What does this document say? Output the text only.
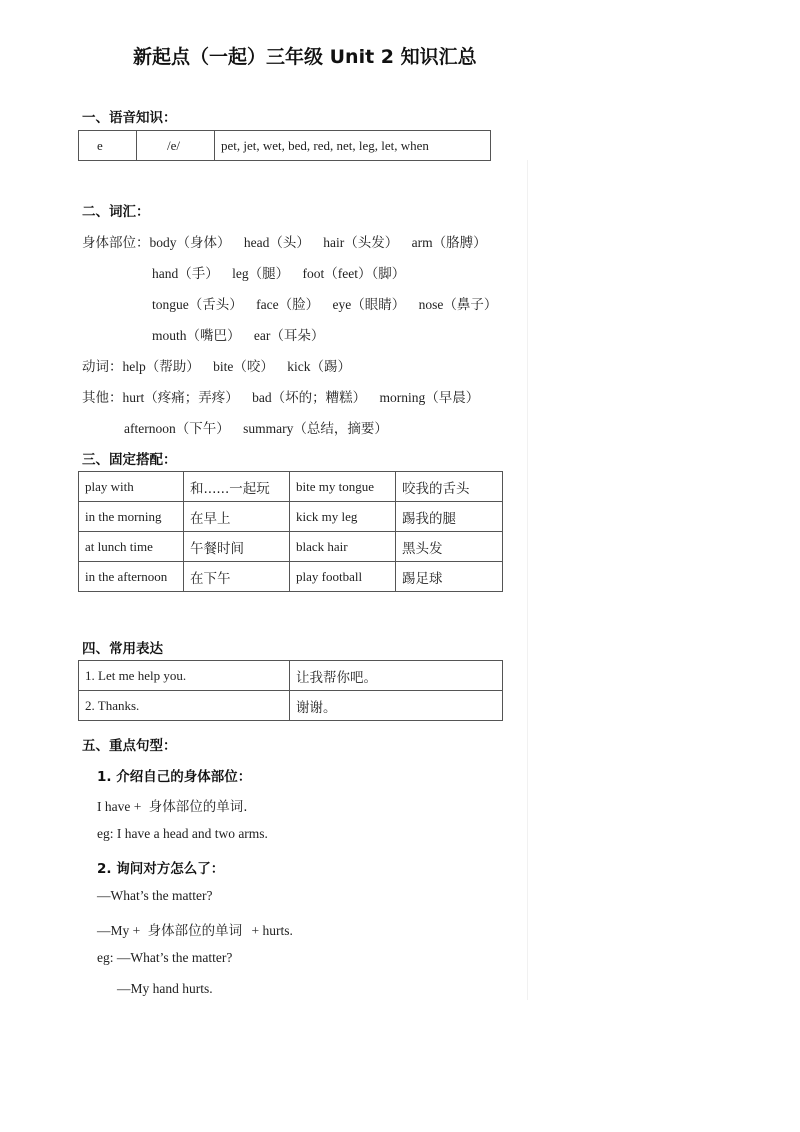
新起点（一起）三年级 Unit 2 知识汇总
一、语音知识：
e	/e/	pet, jet, wet, bed, red, net, leg, let, when
二、词汇：
身体部位：body（身体） head（头） hair（头发） arm（胳膊）
hand（手） leg（腿） foot（feet）（脚）
tongue（舌头） face（脸） eye（眼睛） nose（鼻子）
mouth（嘴巴） ear（耳朵）
动词：help（帮助） bite（咬） kick（踢）
其他：hurt（疼痛；弄疼） bad（坏的；糟糕） morning（早晨）
afternoon（下午） summary（总结，摘要）
三、固定搭配：
play with	和......一起玩	bite my tongue	咬我的舌头
in the morning	在早上	kick my leg	踢我的腿
at lunch time	午餐时间	black hair	黑头发
in the afternoon	在下午	play football	踢足球
四、常用表达
1. Let me help you.	让我帮你吧。
2. Thanks.	谢谢。
五、重点句型：
1. 介绍自己的身体部位：
I have + 身体部位的单词.
eg: I have a head and two arms.
2. 询问对方怎么了：
—What’s the matter?
—My + 身体部位的单词 + hurts.
eg: —What’s the matter?
—My hand hurts.
